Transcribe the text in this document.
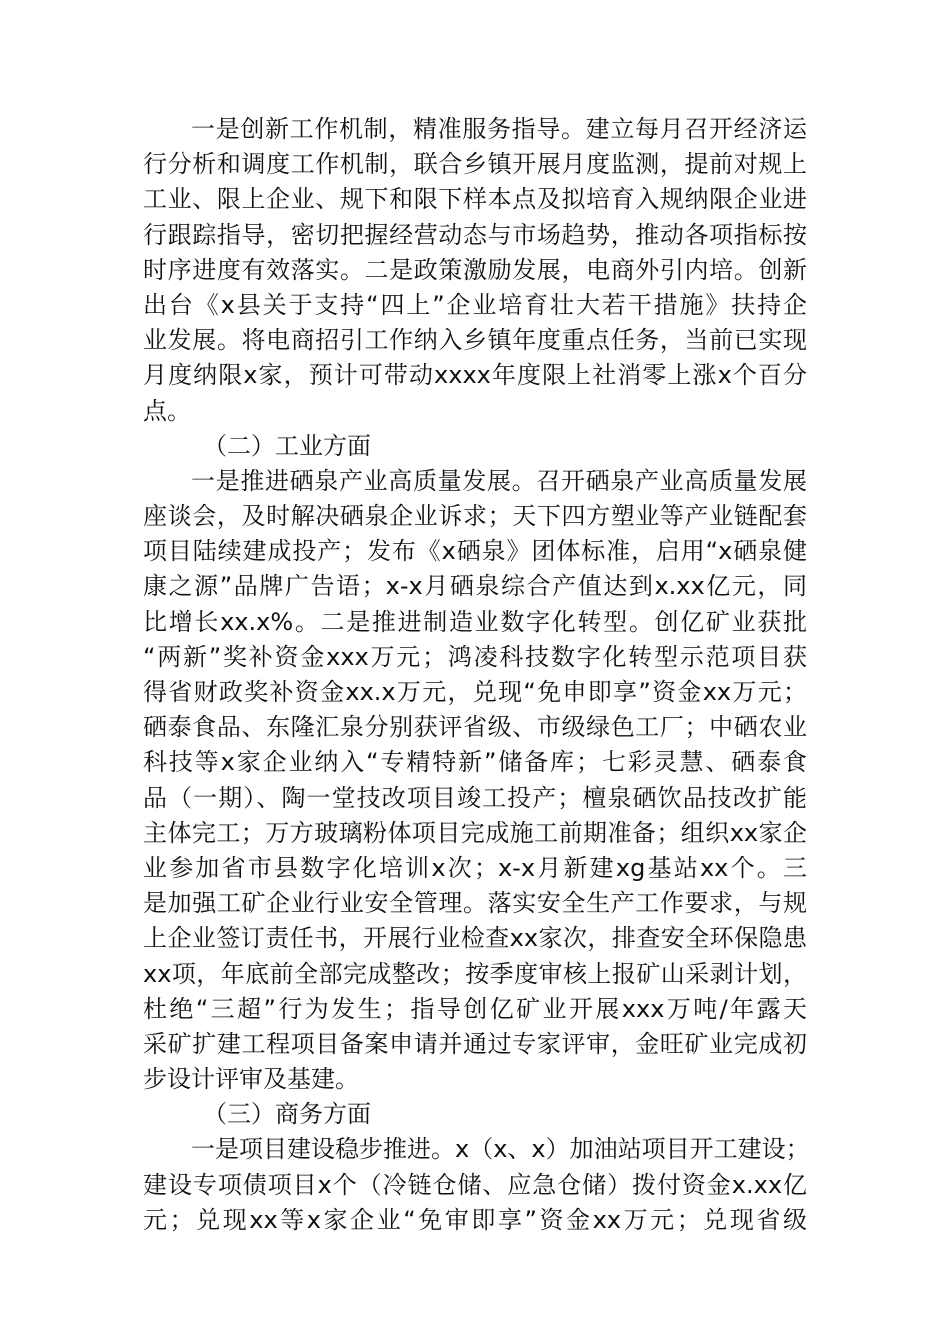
一是创新工作机制，精准服务指导。建立每月召开经济运
行分析和调度工作机制，联合乡镇开展月度监测，提前对规上
工业、限上企业、规下和限下样本点及拟培育入规纳限企业进
行跟踪指导，密切把握经营动态与市场趋势，推动各项指标按
时序进度有效落实。二是政策激励发展，电商外引内培。创新
出台《x县关于支持“四上”企业培育壮大若干措施》扶持企
业发展。将电商招引工作纳入乡镇年度重点任务，当前已实现
月度纳限x家，预计可带动xxxx年度限上社消零上涨x个百分
点。
（二）工业方面
一是推进硒泉产业高质量发展。召开硒泉产业高质量发展
座谈会，及时解决硒泉企业诉求；天下四方塑业等产业链配套
项目陆续建成投产；发布《x硒泉》团体标准，启用“x硒泉健
康之源”品牌广告语；x-x月硒泉综合产值达到x.xx亿元，同
比增长xx.x%。二是推进制造业数字化转型。创亿矿业获批
“两新”奖补资金xxx万元；鸿凌科技数字化转型示范项目获
得省财政奖补资金xx.x万元，兑现“免申即享”资金xx万元；
硒泰食品、东隆汇泉分别获评省级、市级绿色工厂；中硒农业
科技等x家企业纳入“专精特新”储备库；七彩灵慧、硒泰食
品（一期）、陶一堂技改项目竣工投产；檀泉硒饮品技改扩能
主体完工；万方玻璃粉体项目完成施工前期准备；组织xx家企
业参加省市县数字化培训x次；x-x月新建xg基站xx个。三
是加强工矿企业行业安全管理。落实安全生产工作要求，与规
上企业签订责任书，开展行业检查xx家次，排查安全环保隐患
xx项，年底前全部完成整改；按季度审核上报矿山采剥计划，
杜绝“三超”行为发生；指导创亿矿业开展xxx万吨/年露天
采矿扩建工程项目备案申请并通过专家评审，金旺矿业完成初
步设计评审及基建。
（三）商务方面
一是项目建设稳步推进。x（x、x）加油站项目开工建设；
建设专项债项目x个（冷链仓储、应急仓储）拨付资金x.xx亿
元；兑现xx等x家企业“免审即享”资金xx万元；兑现省级
